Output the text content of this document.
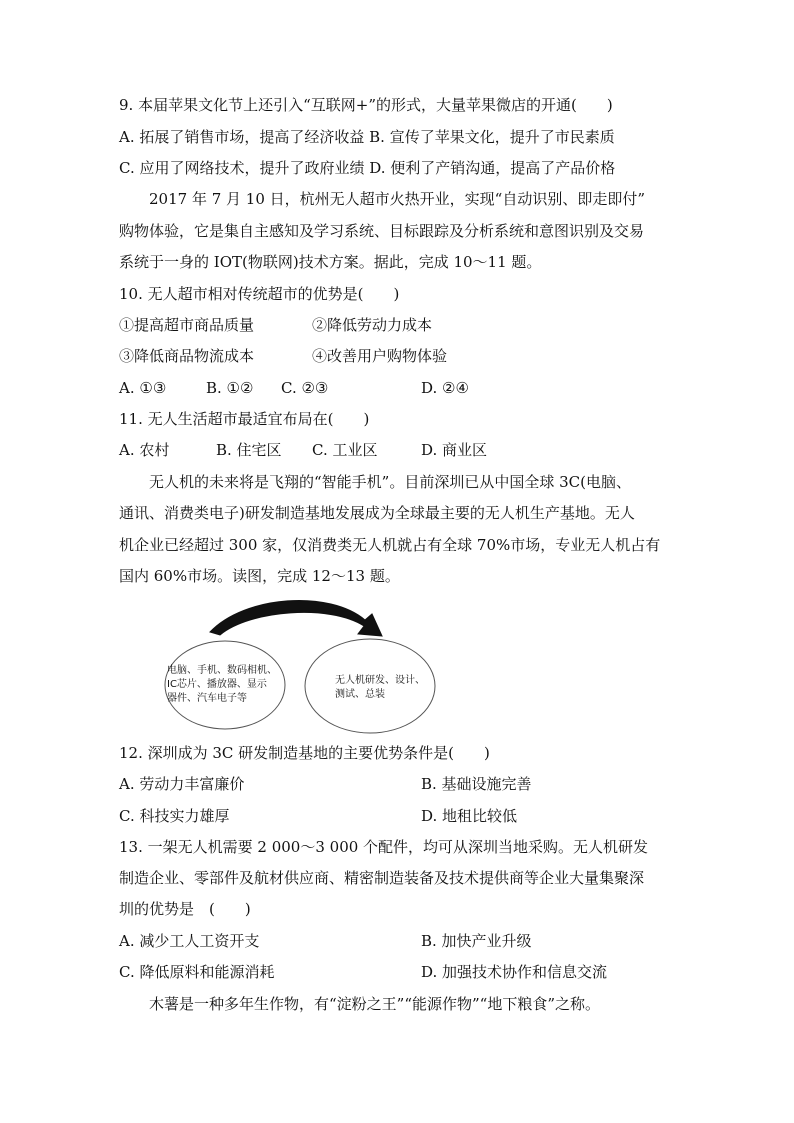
9. 本届苹果文化节上还引入“互联网+”的形式，大量苹果微店的开通(　　)
A. 拓展了销售市场，提高了经济收益 B. 宣传了苹果文化，提升了市民素质
C. 应用了网络技术，提升了政府业绩 D. 便利了产销沟通，提高了产品价格
2017 年 7 月 10 日，杭州无人超市火热开业，实现“自动识别、即走即付”
购物体验，它是集自主感知及学习系统、目标跟踪及分析系统和意图识别及交易
系统于一身的 IOT(物联网)技术方案。据此，完成 10～11 题。
10. 无人超市相对传统超市的优势是(　　)
①提高超市商品质量	②降低劳动力成本
③降低商品物流成本	④改善用户购物体验
A. ①③	B. ①② C. ②③	D. ②④
11. 无人生活超市最适宜布局在(　　)
A. 农村	B. 住宅区 C. 工业区	D. 商业区
无人机的未来将是飞翔的“智能手机”。目前深圳已从中国全球 3C(电脑、
通讯、消费类电子)研发制造基地发展成为全球最主要的无人机生产基地。无人
机企业已经超过 300 家，仅消费类无人机就占有全球 70%市场，专业无人机占有
国内 60%市场。读图，完成 12～13 题。
电脑、手机、数码相机、
IC芯片、播放器、显示
器件、汽车电子等
无人机研发、设计、
测试、总装
12. 深圳成为 3C 研发制造基地的主要优势条件是(　　)
A. 劳动力丰富廉价	B. 基础设施完善
C. 科技实力雄厚	D. 地租比较低
13. 一架无人机需要 2 000～3 000 个配件，均可从深圳当地采购。无人机研发
制造企业、零部件及航材供应商、精密制造装备及技术提供商等企业大量集聚深
圳的优势是　(　　)
A. 减少工人工资开支	B. 加快产业升级
C. 降低原料和能源消耗	D. 加强技术协作和信息交流
木薯是一种多年生作物，有“淀粉之王”“能源作物”“地下粮食”之称。
